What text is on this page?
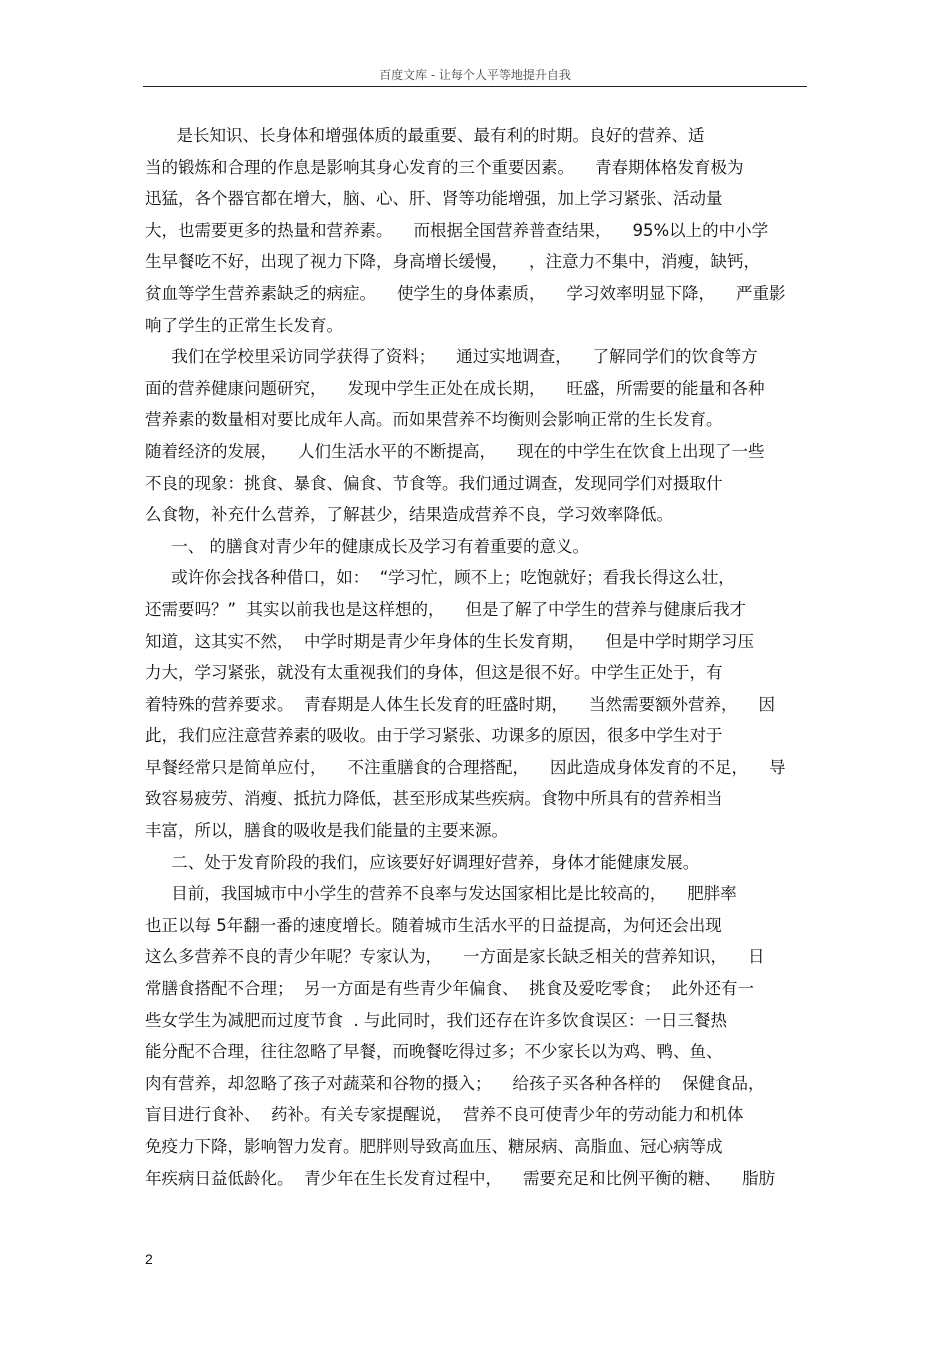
百度文库 - 让每个人平等地提升自我
是长知识、长身体和增强体质的最重要、最有利的时期。良好的营养、适
当的锻炼和合理的作息是影响其身心发育的三个重要因素。    青春期体格发育极为
迅猛，各个器官都在增大，脑、心、肝、肾等功能增强，加上学习紧张、活动量
大，也需要更多的热量和营养素。    而根据全国营养普查结果，    95%以上的中小学
生早餐吃不好，出现了视力下降，身高增长缓慢，    ，注意力不集中，消瘦，缺钙，
贫血等学生营养素缺乏的病症。    使学生的身体素质，    学习效率明显下降，    严重影
响了学生的正常生长发育。
我们在学校里采访同学获得了资料；    通过实地调查，    了解同学们的饮食等方
面的营养健康问题研究，    发现中学生正处在成长期，    旺盛，所需要的能量和各种
营养素的数量相对要比成年人高。而如果营养不均衡则会影响正常的生长发育。
随着经济的发展，    人们生活水平的不断提高，    现在的中学生在饮食上出现了一些
不良的现象：挑食、暴食、偏食、节食等。我们通过调查，发现同学们对摄取什
么食物，补充什么营养，了解甚少，结果造成营养不良，学习效率降低。
一、 的膳食对青少年的健康成长及学习有着重要的意义。
或许你会找各种借口，如：  “学习忙，顾不上；吃饱就好；看我长得这么壮，
还需要吗？”  其实以前我也是这样想的，    但是了解了中学生的营养与健康后我才
知道，这其实不然，  中学时期是青少年身体的生长发育期，    但是中学时期学习压
力大，学习紧张，就没有太重视我们的身体，但这是很不好。中学生正处于，有
着特殊的营养要求。  青春期是人体生长发育的旺盛时期，    当然需要额外营养，    因
此，我们应注意营养素的吸收。由于学习紧张、功课多的原因，很多中学生对于
早餐经常只是简单应付，    不注重膳食的合理搭配，    因此造成身体发育的不足，    导
致容易疲劳、消瘦、抵抗力降低，甚至形成某些疾病。食物中所具有的营养相当
丰富，所以，膳食的吸收是我们能量的主要来源。
二、处于发育阶段的我们，应该要好好调理好营养，身体才能健康发展。
目前，我国城市中小学生的营养不良率与发达国家相比是比较高的，    肥胖率
也正以每 5年翻一番的速度增长。随着城市生活水平的日益提高，为何还会出现
这么多营养不良的青少年呢？专家认为，    一方面是家长缺乏相关的营养知识，    日
常膳食搭配不合理；  另一方面是有些青少年偏食、  挑食及爱吃零食；  此外还有一
些女学生为减肥而过度节食  . 与此同时，我们还存在许多饮食误区：一日三餐热
能分配不合理，往往忽略了早餐，而晚餐吃得过多；不少家长以为鸡、鸭、鱼、
肉有营养，却忽略了孩子对蔬菜和谷物的摄入；    给孩子买各种各样的    保健食品，
盲目进行食补、  药补。有关专家提醒说，  营养不良可使青少年的劳动能力和机体
免疫力下降，影响智力发育。肥胖则导致高血压、糖尿病、高脂血、冠心病等成
年疾病日益低龄化。  青少年在生长发育过程中，    需要充足和比例平衡的糖、    脂肪
2
